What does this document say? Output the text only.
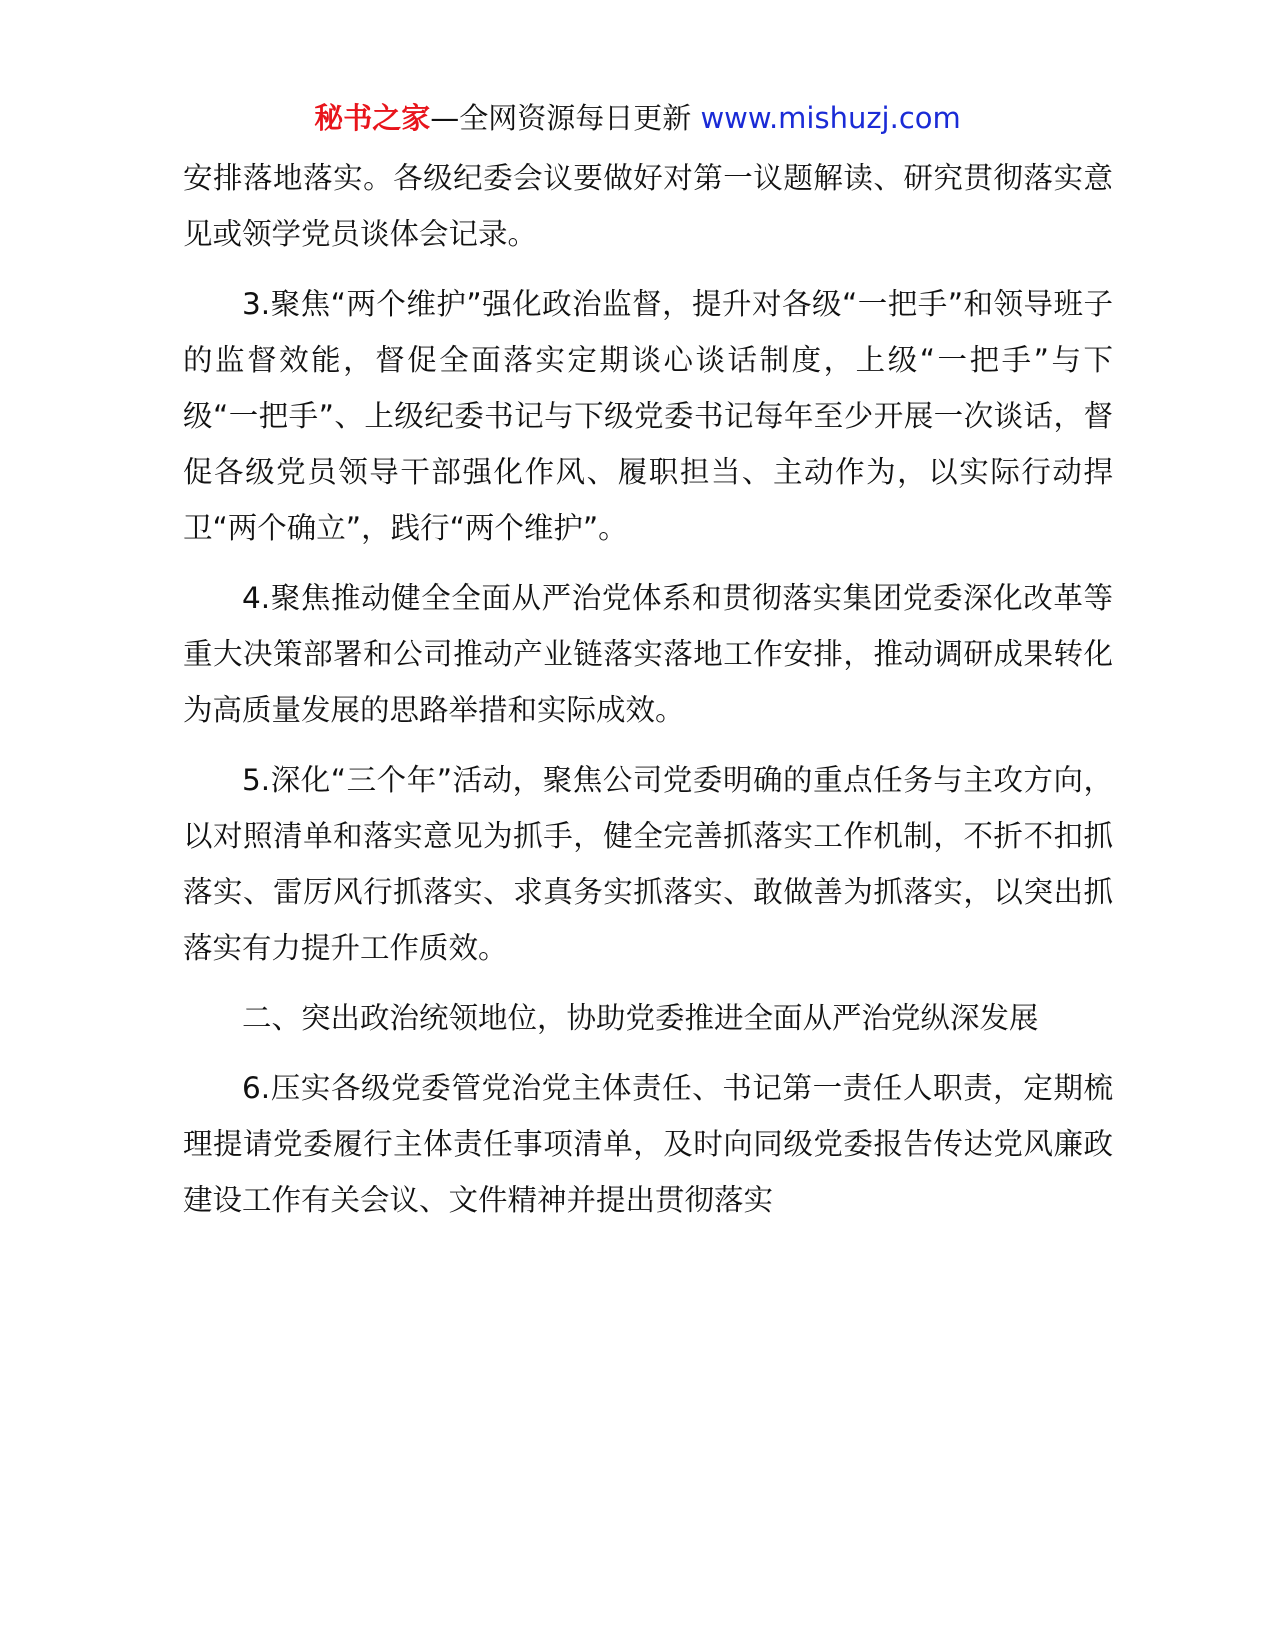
秘书之家—全网资源每日更新 www.mishuzj.com

安排落地落实。各级纪委会议要做好对第一议题解读、研究贯彻落实意见或领学党员谈体会记录。

3.聚焦“两个维护”强化政治监督，提升对各级“一把手”和领导班子的监督效能，督促全面落实定期谈心谈话制度，上级“一把手”与下级“一把手”、上级纪委书记与下级党委书记每年至少开展一次谈话，督促各级党员领导干部强化作风、履职担当、主动作为，以实际行动捍卫“两个确立”，践行“两个维护”。

4.聚焦推动健全全面从严治党体系和贯彻落实集团党委深化改革等重大决策部署和公司推动产业链落实落地工作安排，推动调研成果转化为高质量发展的思路举措和实际成效。

5.深化“三个年”活动，聚焦公司党委明确的重点任务与主攻方向，以对照清单和落实意见为抓手，健全完善抓落实工作机制，不折不扣抓落实、雷厉风行抓落实、求真务实抓落实、敢做善为抓落实，以突出抓落实有力提升工作质效。

二、突出政治统领地位，协助党委推进全面从严治党纵深发展

6.压实各级党委管党治党主体责任、书记第一责任人职责，定期梳理提请党委履行主体责任事项清单，及时向同级党委报告传达党风廉政建设工作有关会议、文件精神并提出贯彻落实
